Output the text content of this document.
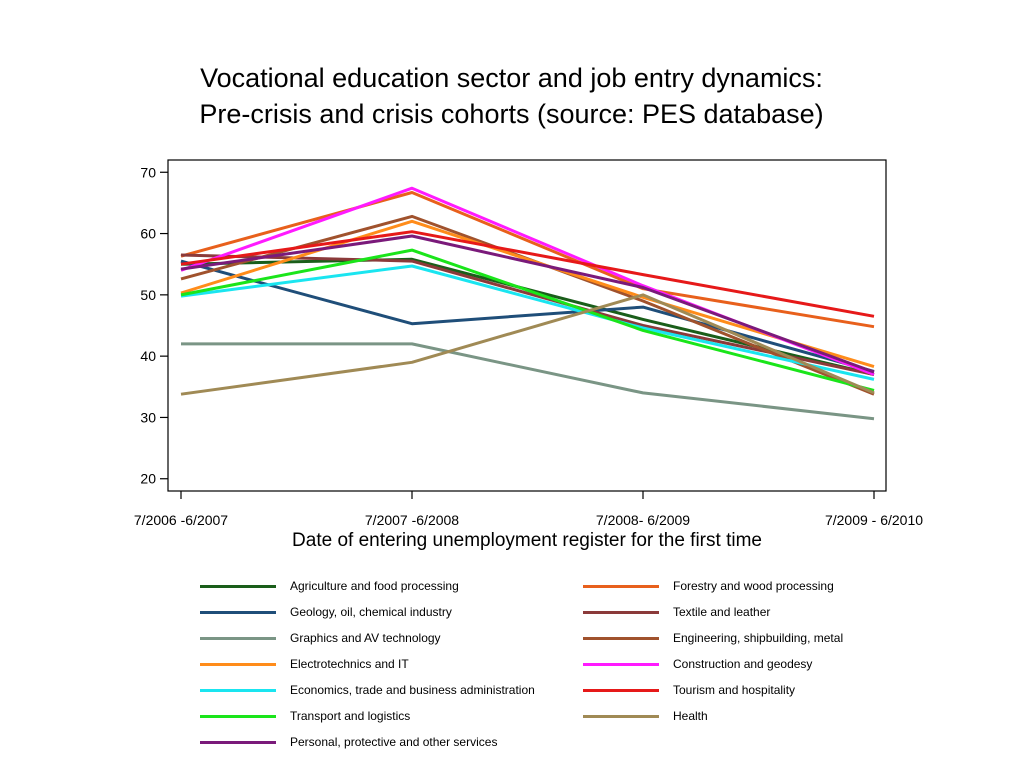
Vocational education sector and job entry dynamics:
Pre-crisis and crisis cohorts (source: PES database)
20
30
40
50
60
70
7/2006 -6/2007	7/2007 -6/2008	7/2008- 6/2009	7/2009 - 6/2010
Date of entering unemployment register for the first time
Agriculture and food processing	Forestry and wood processing
Geology, oil, chemical industry	Textile and leather
Graphics and AV technology	Engineering, shipbuilding, metal
Electrotechnics and IT	Construction and geodesy
Economics, trade and business administration	Tourism and hospitality
Transport and logistics	Health
Personal, protective and other services
